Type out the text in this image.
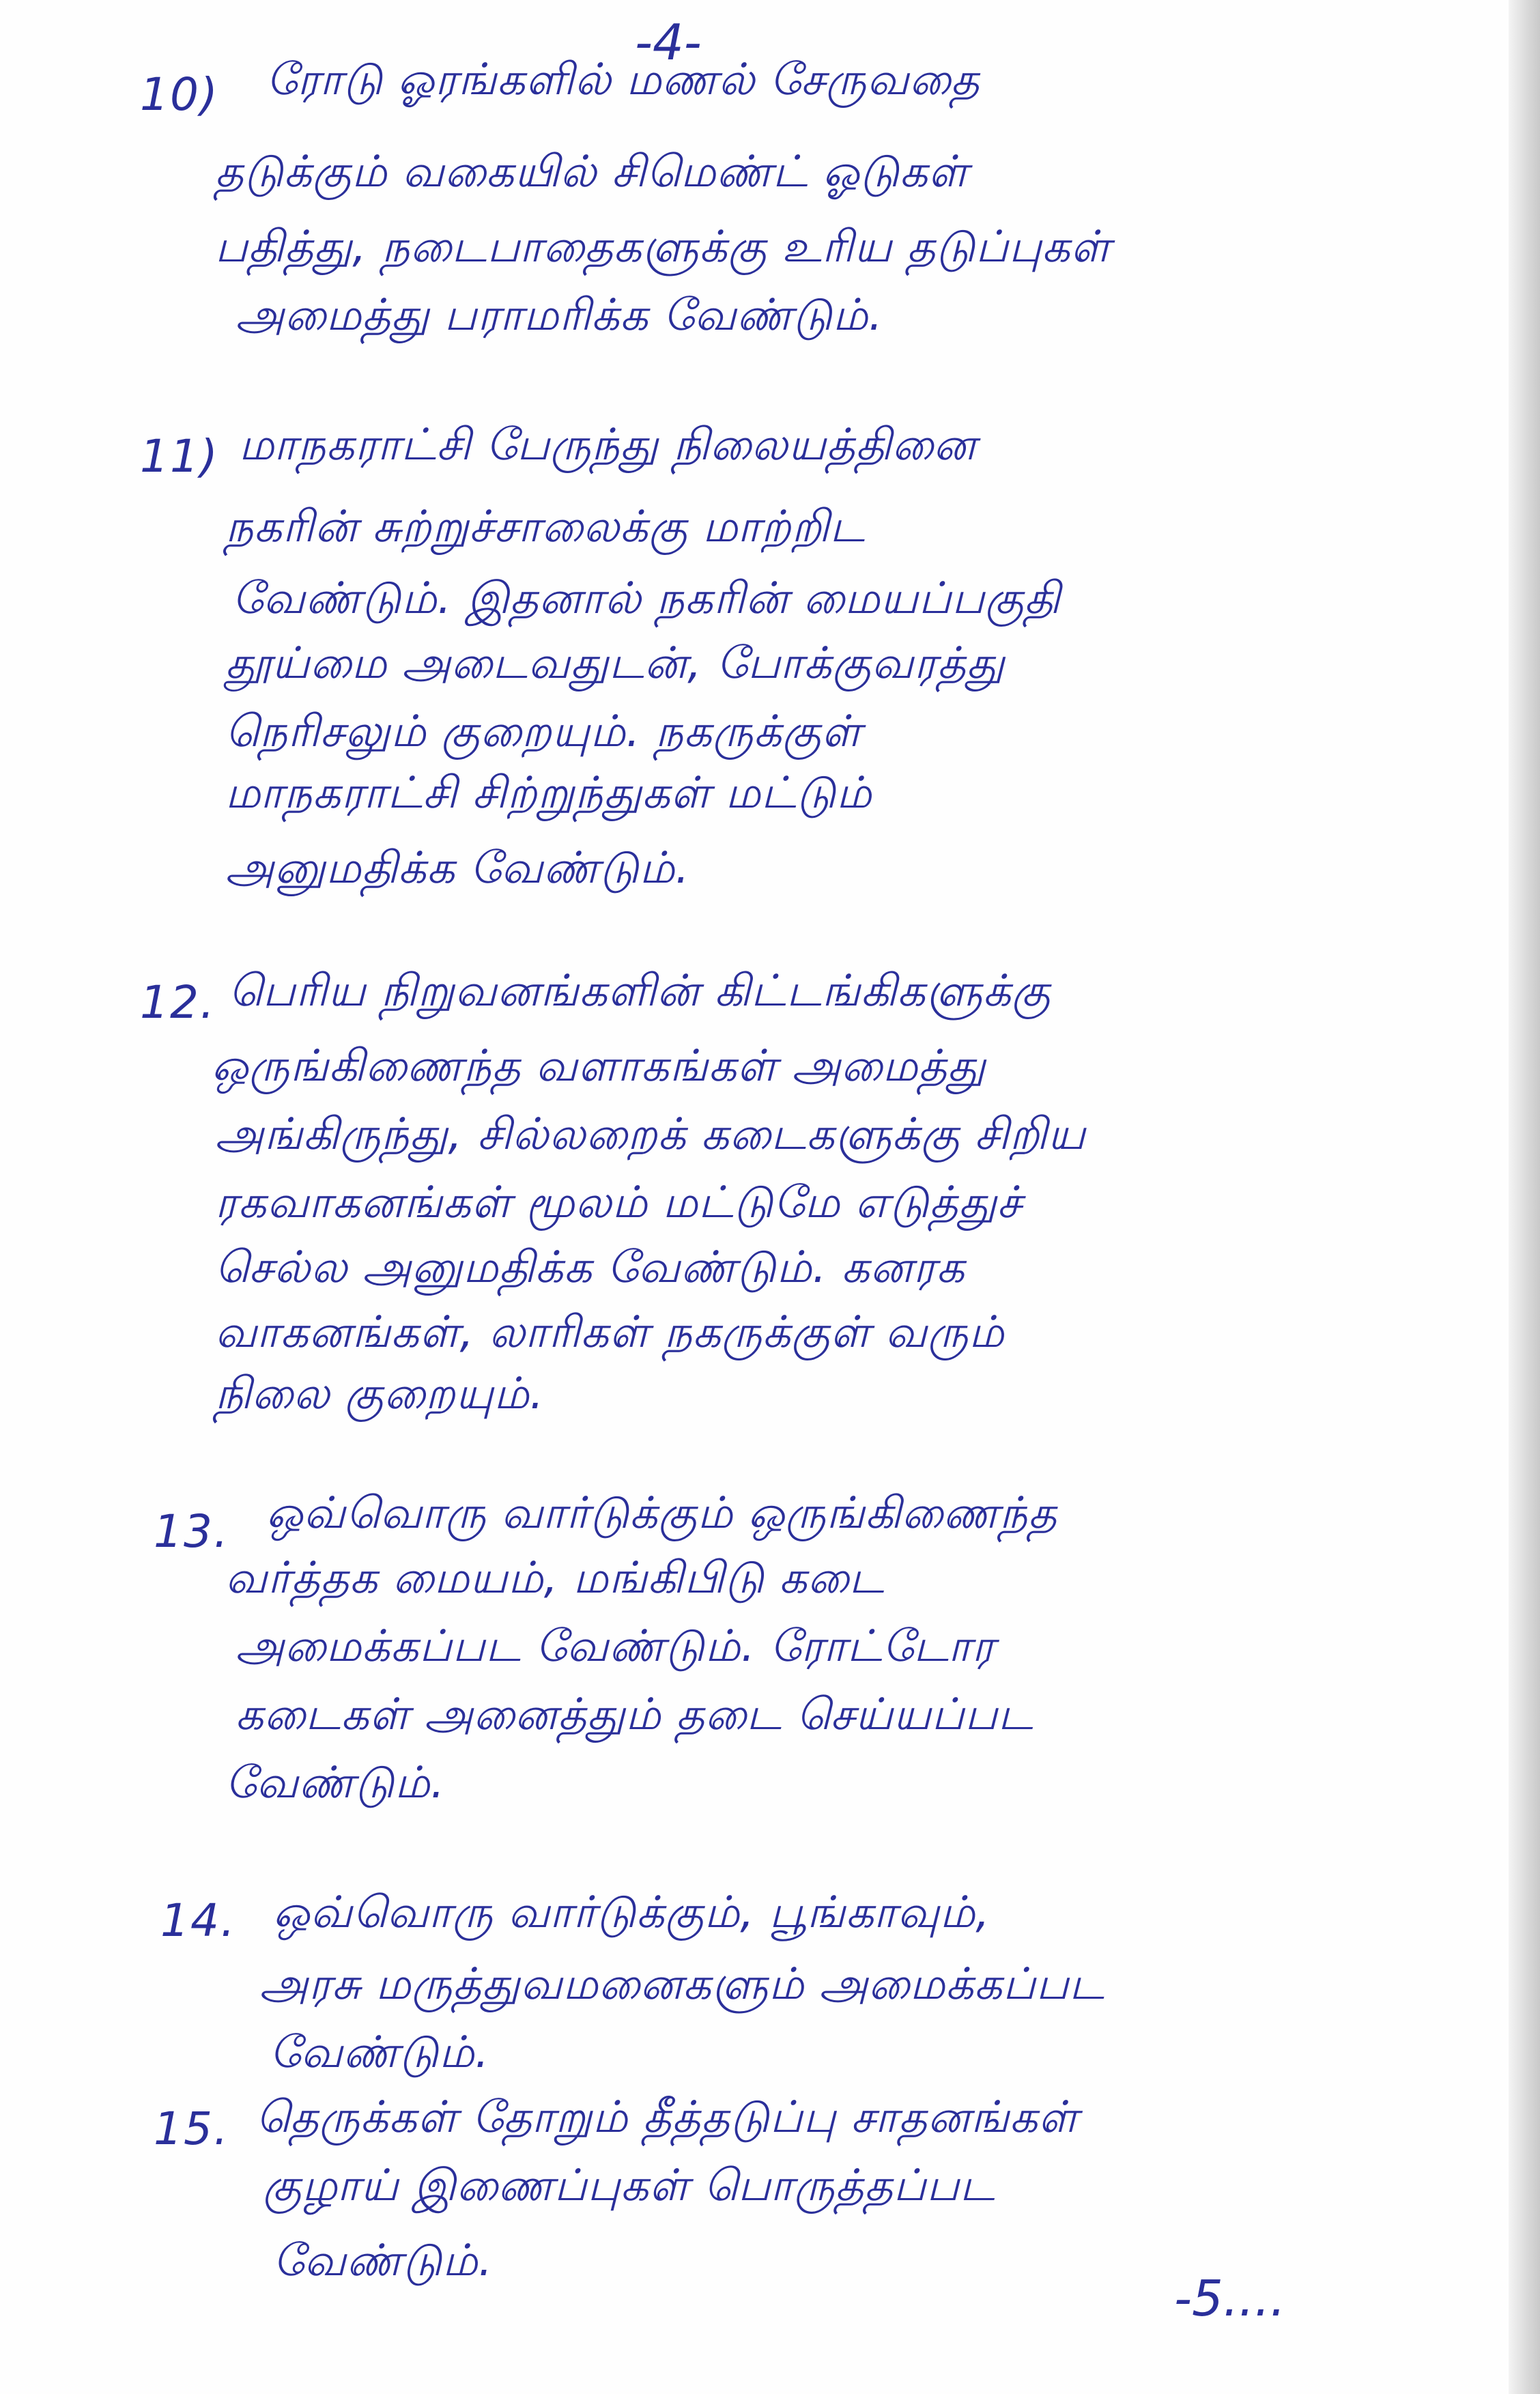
-4-
10) ரோடு ஓரங்களில் மணல் சேருவதை
தடுக்கும் வகையில் சிமெண்ட் ஓடுகள்
பதித்து, நடைபாதைகளுக்கு உரிய தடுப்புகள்
அமைத்து பராமரிக்க வேண்டும்.
11) மாநகராட்சி பேருந்து நிலையத்தினை
நகரின் சுற்றுச்சாலைக்கு மாற்றிட
வேண்டும். இதனால் நகரின் மையப்பகுதி
தூய்மை அடைவதுடன், போக்குவரத்து
நெரிசலும் குறையும். நகருக்குள்
மாநகராட்சி சிற்றுந்துகள் மட்டும்
அனுமதிக்க வேண்டும்.
12. பெரிய நிறுவனங்களின் கிட்டங்கிகளுக்கு
ஒருங்கிணைந்த வளாகங்கள் அமைத்து
அங்கிருந்து, சில்லறைக் கடைகளுக்கு சிறிய
ரகவாகனங்கள் மூலம் மட்டுமே எடுத்துச்
செல்ல அனுமதிக்க வேண்டும். கனரக
வாகனங்கள், லாரிகள் நகருக்குள் வரும்
நிலை குறையும்.
13. ஒவ்வொரு வார்டுக்கும் ஒருங்கிணைந்த
வர்த்தக மையம், மங்கிபிடு கடை
அமைக்கப்பட வேண்டும். ரோட்டோர
கடைகள் அனைத்தும் தடை செய்யப்பட
வேண்டும்.
14. ஒவ்வொரு வார்டுக்கும், பூங்காவும்,
அரசு மருத்துவமனைகளும் அமைக்கப்பட
வேண்டும்.
15. தெருக்கள் தோறும் தீத்தடுப்பு சாதனங்கள்
குழாய் இணைப்புகள் பொருத்தப்பட
வேண்டும்.
-5....
